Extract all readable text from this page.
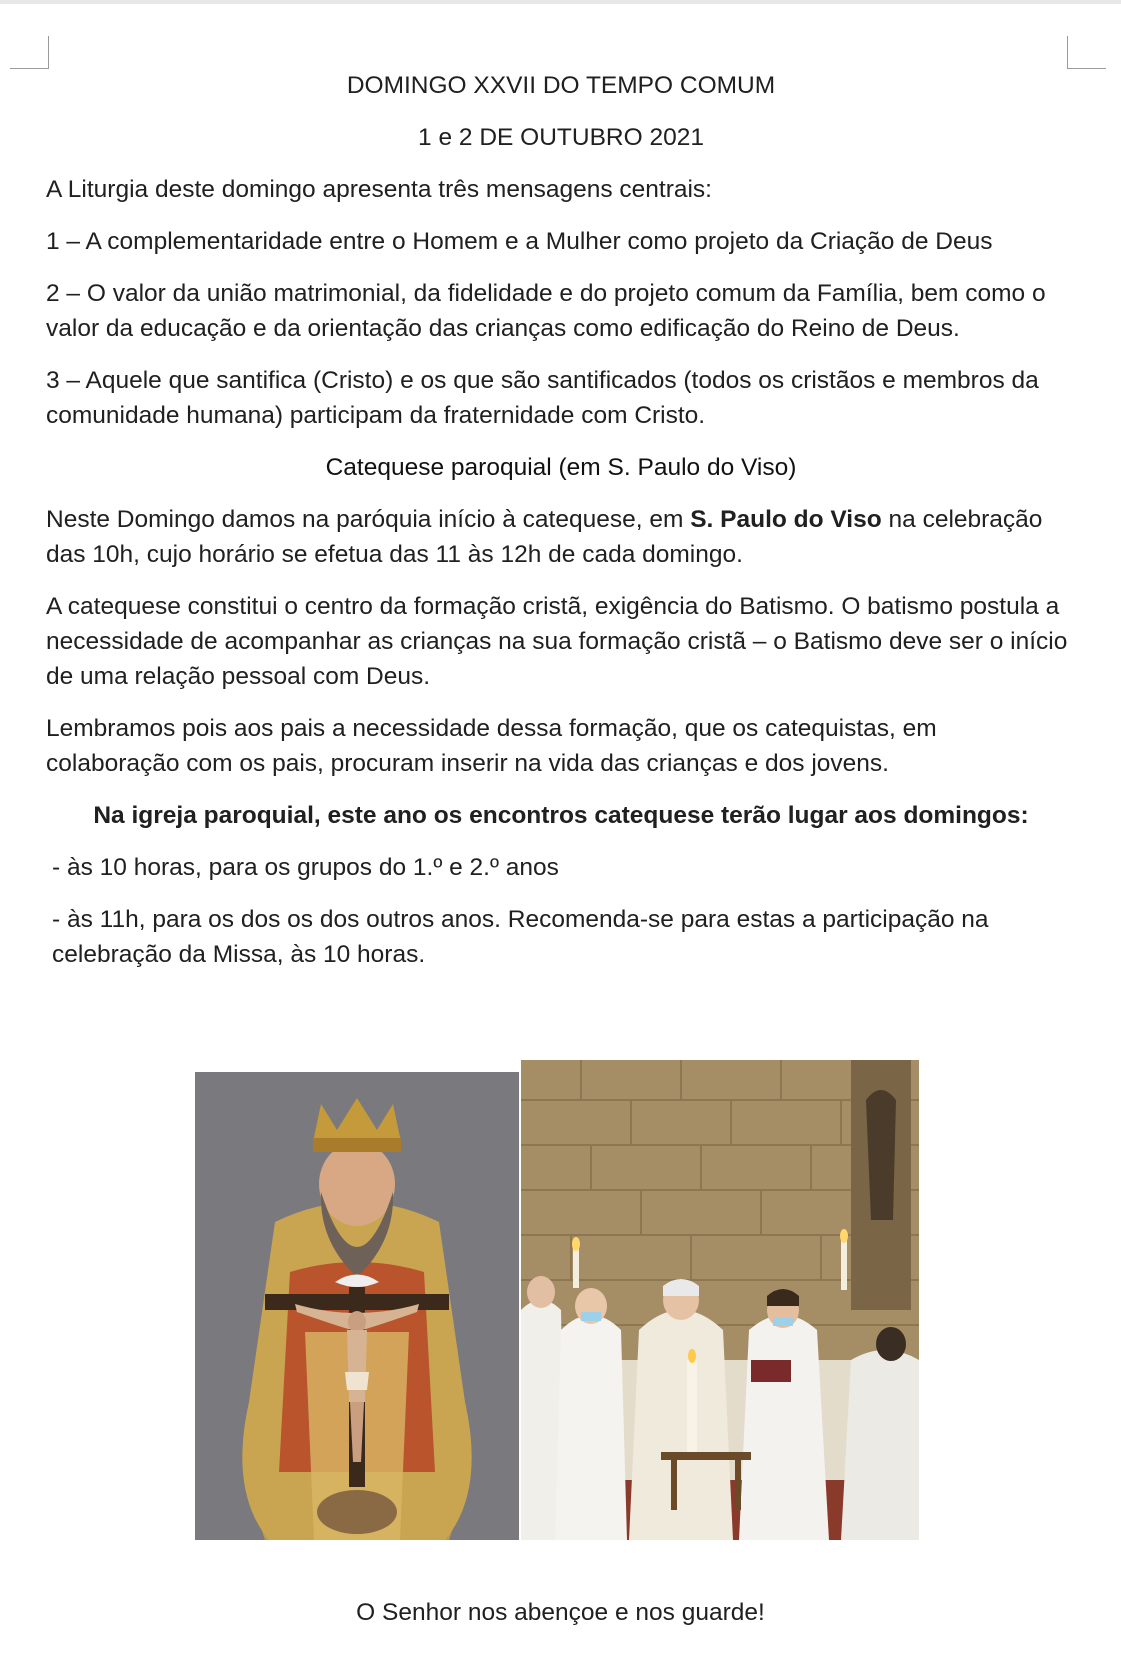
DOMINGO XXVII DO TEMPO COMUM

1 e 2 DE OUTUBRO 2021

A Liturgia deste domingo apresenta três mensagens centrais:

1 – A complementaridade entre o Homem e a Mulher como projeto da Criação de Deus

2 – O valor da união matrimonial, da fidelidade e do projeto comum da Família, bem como o valor da educação e da orientação das crianças como edificação do Reino de Deus.

3 – Aquele que santifica (Cristo) e os que são santificados (todos os cristãos e membros da comunidade humana) participam da fraternidade com Cristo.

Catequese paroquial (em S. Paulo do Viso)

Neste Domingo damos na paróquia início à catequese, em S. Paulo do Viso na celebração das 10h, cujo horário se efetua das 11 às 12h de cada domingo.

A catequese constitui o centro da formação cristã, exigência do Batismo. O batismo postula a necessidade de acompanhar as crianças na sua formação cristã – o Batismo deve ser o início de uma relação pessoal com Deus.

Lembramos pois aos pais a necessidade dessa formação, que os catequistas, em colaboração com os pais, procuram inserir na vida das crianças e dos jovens.

Na igreja paroquial, este ano os encontros catequese terão lugar aos domingos:

- às 10 horas, para os grupos do 1.º e 2.º anos

- às 11h, para os dos os dos outros anos. Recomenda-se para estas a participação na celebração da Missa, às 10 horas.

O Senhor nos abençoe e nos guarde!
